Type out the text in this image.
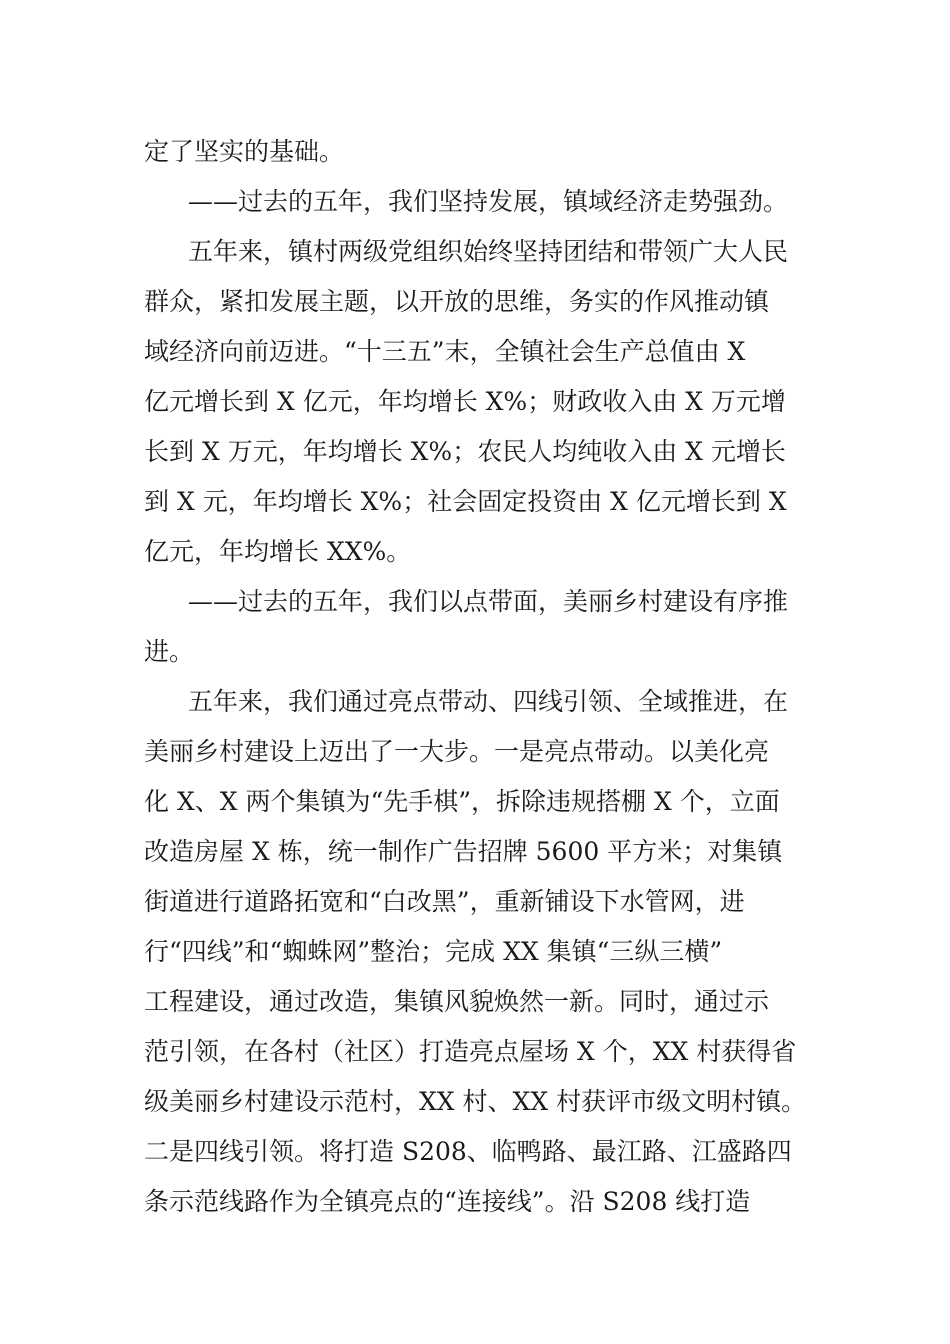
定了坚实的基础。
——过去的五年，我们坚持发展，镇域经济走势强劲。
五年来，镇村两级党组织始终坚持团结和带领广大人民
群众，紧扣发展主题，以开放的思维，务实的作风推动镇
域经济向前迈进。“十三五”末，全镇社会生产总值由 X
亿元增长到 X 亿元，年均增长 X%；财政收入由 X 万元增
长到 X 万元，年均增长 X%；农民人均纯收入由 X 元增长
到 X 元，年均增长 X%；社会固定投资由 X 亿元增长到 X
亿元，年均增长 XX%。
——过去的五年，我们以点带面，美丽乡村建设有序推
进。
五年来，我们通过亮点带动、四线引领、全域推进，在
美丽乡村建设上迈出了一大步。一是亮点带动。以美化亮
化 X、X 两个集镇为“先手棋”，拆除违规搭棚 X 个，立面
改造房屋 X 栋，统一制作广告招牌 5600 平方米；对集镇
街道进行道路拓宽和“白改黑”，重新铺设下水管网，进
行“四线”和“蜘蛛网”整治；完成 XX 集镇“三纵三横”
工程建设，通过改造，集镇风貌焕然一新。同时，通过示
范引领，在各村（社区）打造亮点屋场 X 个，XX 村获得省
级美丽乡村建设示范村，XX 村、XX 村获评市级文明村镇。
二是四线引领。将打造 S208、临鸭路、最江路、江盛路四
条示范线路作为全镇亮点的“连接线”。沿 S208 线打造
